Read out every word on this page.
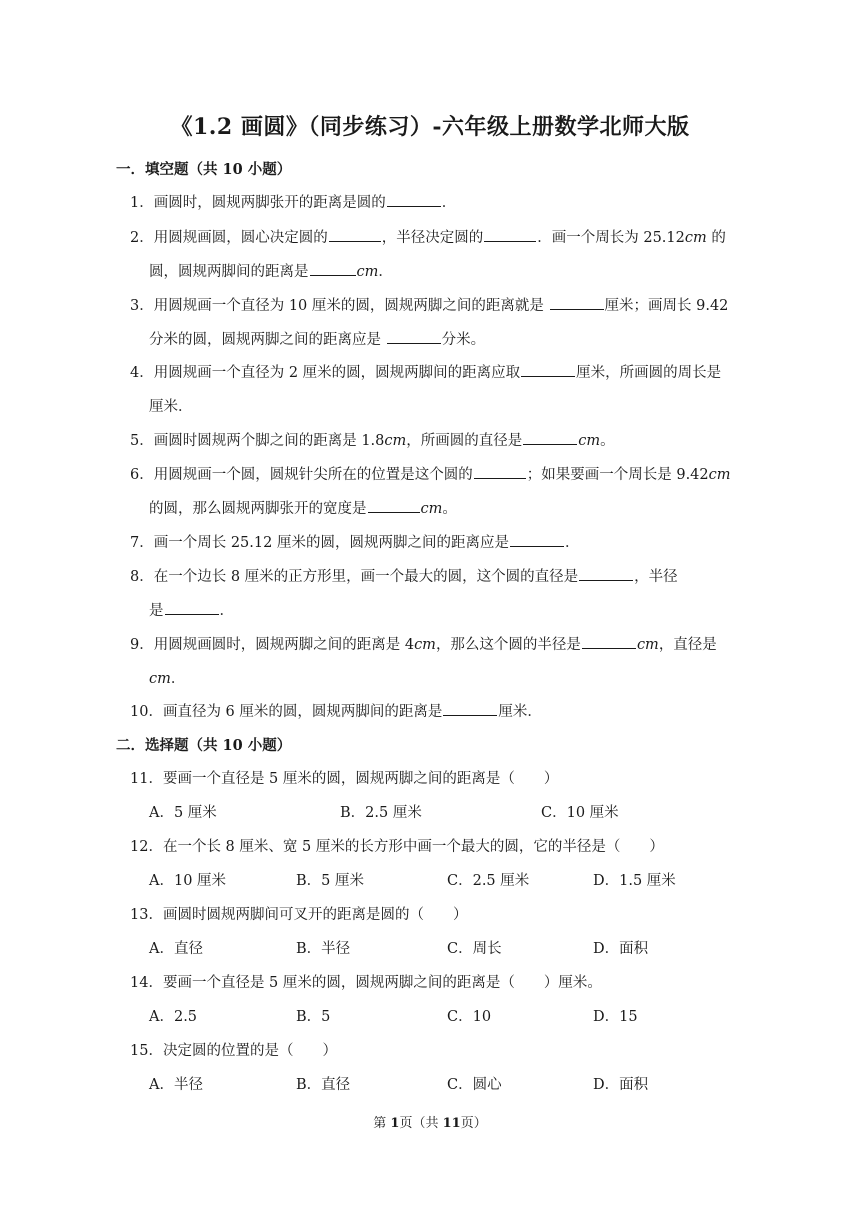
《1.2 画圆》（同步练习）-六年级上册数学北师大版
一．填空题（共 10 小题）
1．画圆时，圆规两脚张开的距离是圆的	．
2．用圆规画圆，圆心决定圆的	，半径决定圆的	．画一个周长为 25.12cm 的
圆，圆规两脚间的距离是	cm．
3．用圆规画一个直径为 10 厘米的圆，圆规两脚之间的距离就是	厘米；画周长 9.42
分米的圆，圆规两脚之间的距离应是	分米。
4．用圆规画一个直径为 2 厘米的圆，圆规两脚间的距离应取	厘米，所画圆的周长是
厘米．
5．画圆时圆规两个脚之间的距离是 1.8cm，所画圆的直径是	cm。
6．用圆规画一个圆，圆规针尖所在的位置是这个圆的	；如果要画一个周长是 9.42cm
的圆，那么圆规两脚张开的宽度是	cm。
7．画一个周长 25.12 厘米的圆，圆规两脚之间的距离应是	．
8．在一个边长 8 厘米的正方形里，画一个最大的圆，这个圆的直径是	，半径
是	．
9．用圆规画圆时，圆规两脚之间的距离是 4cm，那么这个圆的半径是	cm，直径是
cm．
10．画直径为 6 厘米的圆，圆规两脚间的距离是	厘米．
二．选择题（共 10 小题）
11．要画一个直径是 5 厘米的圆，圆规两脚之间的距离是（　　）
A．5 厘米	B．2.5 厘米	C．10 厘米
12．在一个长 8 厘米、宽 5 厘米的长方形中画一个最大的圆，它的半径是（　　）
A．10 厘米	B．5 厘米	C．2.5 厘米	D．1.5 厘米
13．画圆时圆规两脚间可叉开的距离是圆的（　　）
A．直径	B．半径	C．周长	D．面积
14．要画一个直径是 5 厘米的圆，圆规两脚之间的距离是（　　）厘米。
A．2.5	B．5	C．10	D．15
15．决定圆的位置的是（　　）
A．半径	B．直径	C．圆心	D．面积
第 1页（共 11页）
